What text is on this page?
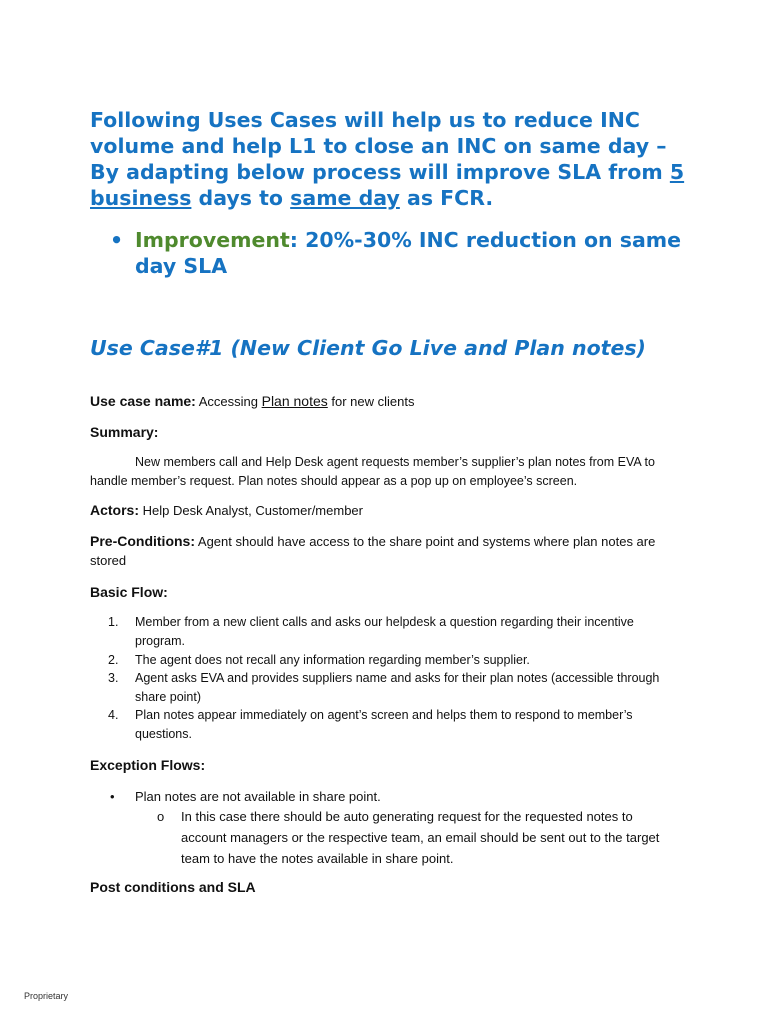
Following Uses Cases will help us to reduce INC volume and help L1 to close an INC on same day – By adapting below process will improve SLA from 5 business days to same day as FCR.
• Improvement: 20%-30% INC reduction on same day SLA
Use Case#1 (New Client Go Live and Plan notes)
Use case name: Accessing Plan notes for new clients
Summary:
New members call and Help Desk agent requests member’s supplier’s plan notes from EVA to handle member’s request. Plan notes should appear as a pop up on employee’s screen.
Actors: Help Desk Analyst, Customer/member
Pre-Conditions: Agent should have access to the share point and systems where plan notes are stored
Basic Flow:
1.	Member from a new client calls and asks our helpdesk a question regarding their incentive program.
2.	The agent does not recall any information regarding member’s supplier.
3.	Agent asks EVA and provides suppliers name and asks for their plan notes (accessible through share point)
4.	Plan notes appear immediately on agent’s screen and helps them to respond to member’s questions.
Exception Flows:
• Plan notes are not available in share point.
o In this case there should be auto generating request for the requested notes to account managers or the respective team, an email should be sent out to the target team to have the notes available in share point.
Post conditions and SLA
Proprietary
